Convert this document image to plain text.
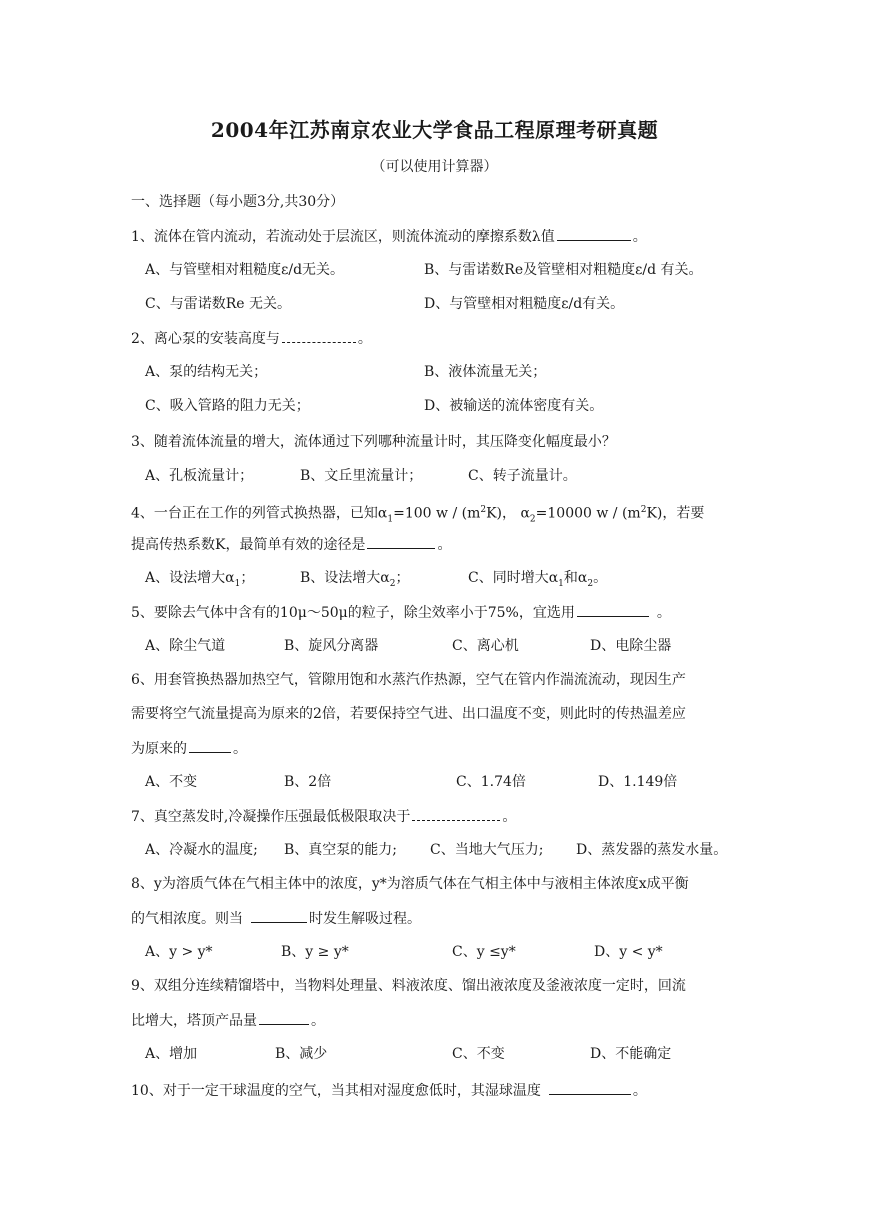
2004年江苏南京农业大学食品工程原理考研真题
（可以使用计算器）
一、选择题（每小题3分,共30分）
1、流体在管内流动，若流动处于层流区，则流体流动的摩擦系数λ值	。
A、与管壁相对粗糙度ε/d无关。	B、与雷诺数Re及管壁相对粗糙度ε/d 有关。
C、与雷诺数Re 无关。	D、与管壁相对粗糙度ε/d有关。
2、离心泵的安装高度与	。
A、泵的结构无关；	B、液体流量无关；
C、吸入管路的阻力无关；	D、被输送的流体密度有关。
3、随着流体流量的增大，流体通过下列哪种流量计时，其压降变化幅度最小？
A、孔板流量计；	B、文丘里流量计；	C、转子流量计。
4、一台正在工作的列管式换热器，已知$\alpha_1=100$ w / $(m^2K)$， $\alpha_2=10000$ w / $(m^2K)$，若要
提高传热系数K，最简单有效的途径是	。
A、设法增大$\alpha_1$；	B、设法增大$\alpha_2$；	C、同时增大$\alpha_1$和$\alpha_2$。
5、要除去气体中含有的10μ～50μ的粒子，除尘效率小于75%，宜选用	。
A、除尘气道	B、旋风分离器	C、离心机	D、电除尘器
6、用套管换热器加热空气，管隙用饱和水蒸汽作热源，空气在管内作湍流流动，现因生产
需要将空气流量提高为原来的2倍，若要保持空气进、出口温度不变，则此时的传热温差应
为原来的	。
A、不变	B、2倍	C、1.74倍	D、1.149倍
7、真空蒸发时,冷凝操作压强最低极限取决于	。
A、冷凝水的温度; B、真空泵的能力; C、当地大气压力; D、蒸发器的蒸发水量。
8、y为溶质气体在气相主体中的浓度，y*为溶质气体在气相主体中与液相主体浓度x成平衡
的气相浓度。则当	时发生解吸过程。
A、y > y*	B、y ≥ y*	C、y ≤y*	D、y < y*
9、双组分连续精馏塔中，当物料处理量、料液浓度、馏出液浓度及釜液浓度一定时，回流
比增大，塔顶产品量	。
A、增加	B、减少	C、不变	D、不能确定
10、对于一定干球温度的空气，当其相对湿度愈低时，其湿球温度	。
